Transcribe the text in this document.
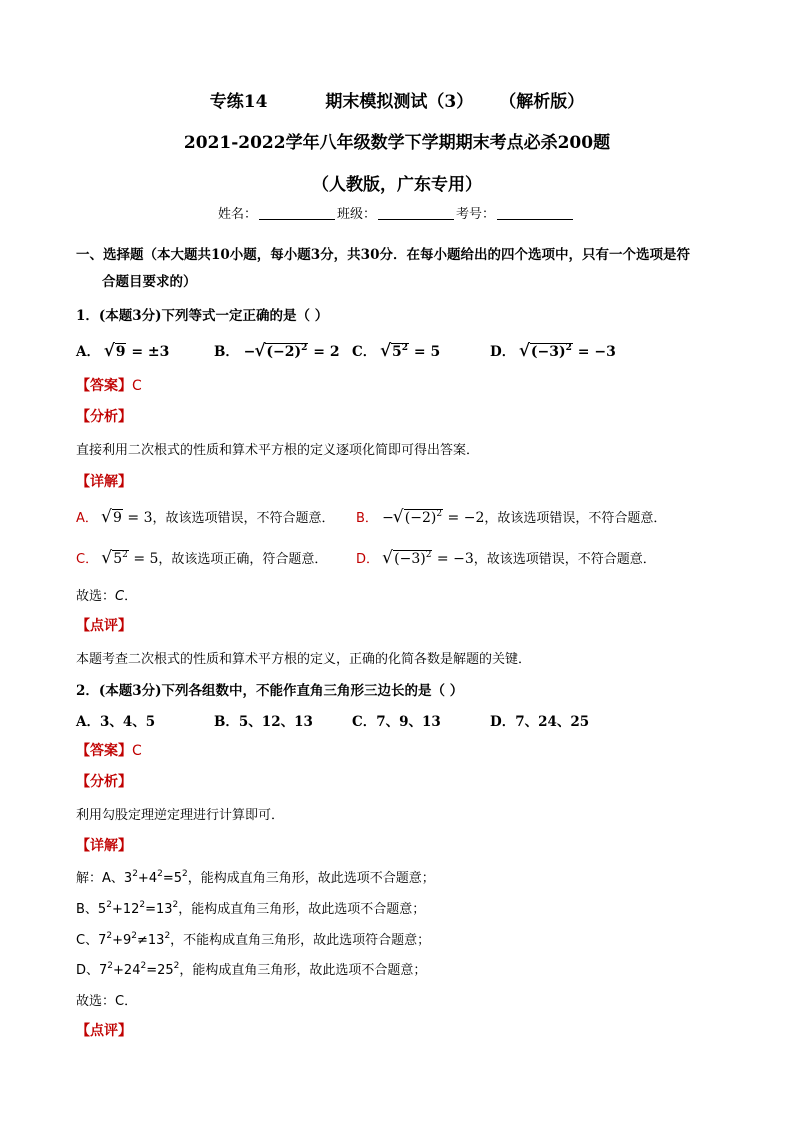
专练14	期末模拟测试（3） （解析版）
2021-2022学年八年级数学下学期期末考点必杀200题
（人教版，广东专用）
姓名：	班级：	考号：
一、选择题（本大题共10小题，每小题3分，共30分．在每小题给出的四个选项中，只有一个选项是符
合题目要求的）
1．(本题3分)下列等式一定正确的是（ ）
A． √ 9 = ±3	B． − √ $(-2)^2 = 2$ C． √ $5^2 = 5$	D． √ $(-3)^2 = -3$
【答案】C
【分析】
直接利用二次根式的性质和算术平方根的定义逐项化简即可得出答案．
【详解】
A． √ 9 = 3，故该选项错误，不符合题意． B． − √ $(-2)^2 = -2$，故该选项错误，不符合题意．
C． √ $5^2 = 5$，故该选项正确，符合题意． D． √ $(-3)^2 = -3$，故该选项错误，不符合题意．
故选：C．
【点评】
本题考查二次根式的性质和算术平方根的定义，正确的化简各数是解题的关键．
2．(本题3分)下列各组数中，不能作直角三角形三边长的是（ ）
A．3、4、5	B．5、12、13	C．7、9、13	D．7、24、25
【答案】C
【分析】
利用勾股定理逆定理进行计算即可．
【详解】
解：A、$3^2+4^2=5^2$，能构成直角三角形，故此选项不合题意；
B、$5^2+12^2=13^2$，能构成直角三角形，故此选项不合题意；
C、$7^2+9^2\ne 13^2$，不能构成直角三角形，故此选项符合题意；
D、$7^2+24^2=25^2$，能构成直角三角形，故此选项不合题意；
故选：C．
【点评】
